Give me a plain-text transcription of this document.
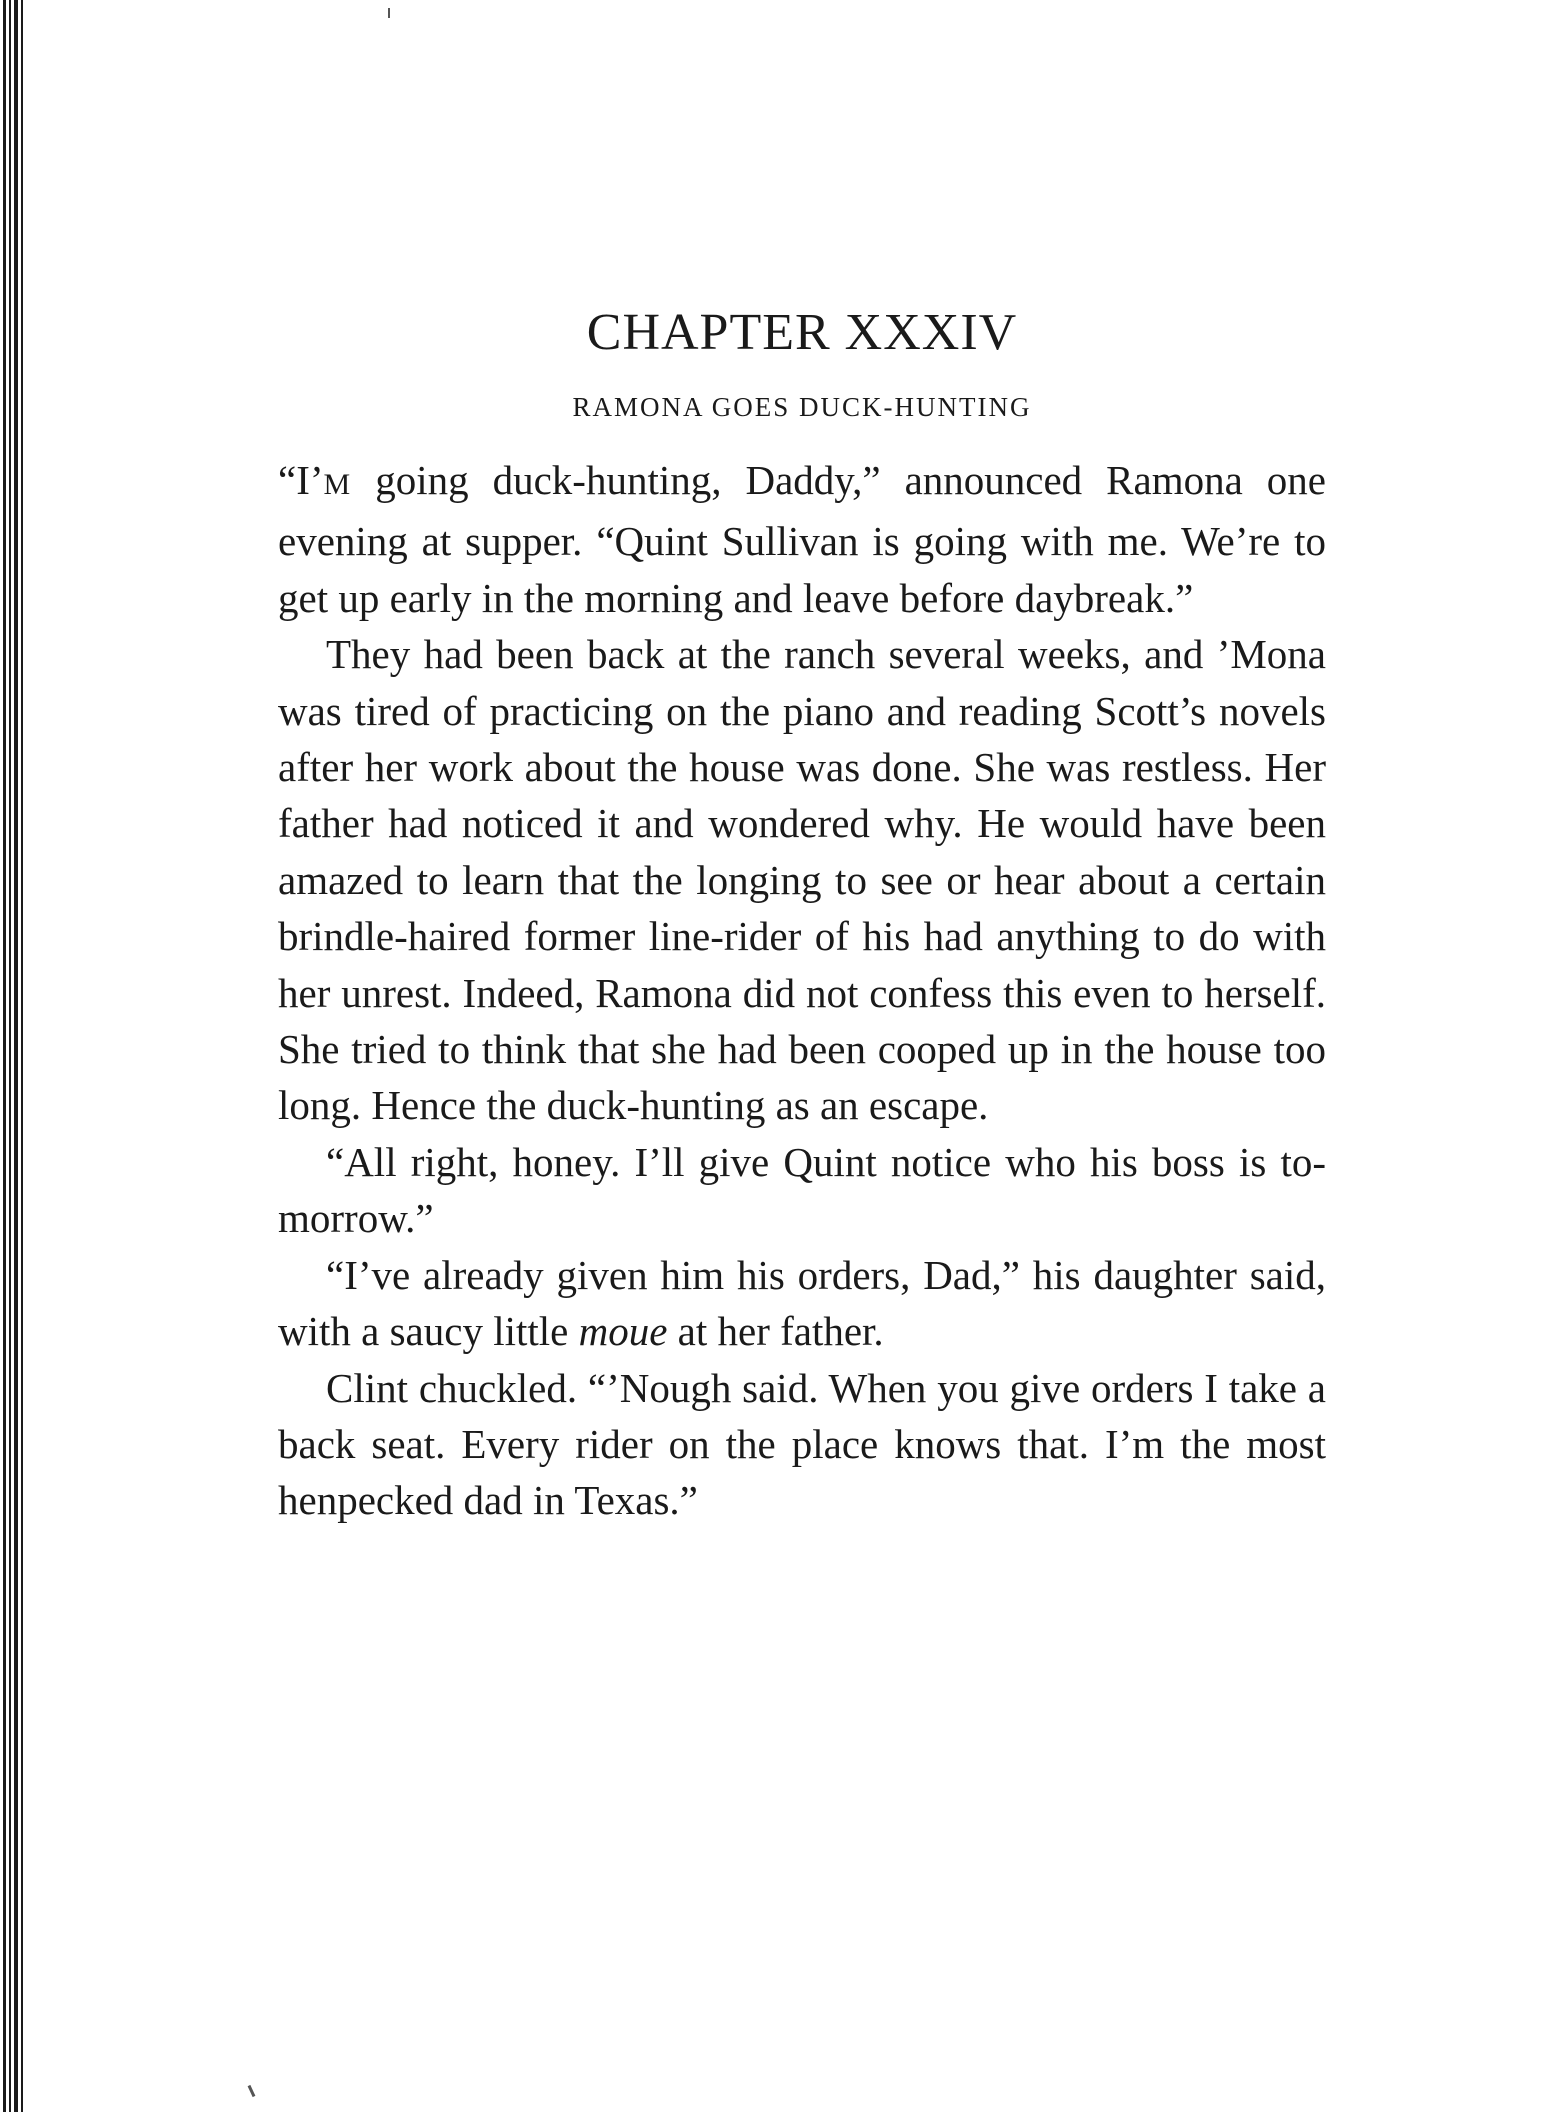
CHAPTER XXXIV
RAMONA GOES DUCK-HUNTING

“I’M going duck-hunting, Daddy,” announced Ramona one evening at supper. “Quint Sullivan is going with me. We’re to get up early in the morning and leave before daybreak.”

They had been back at the ranch several weeks, and ’Mona was tired of practicing on the piano and reading Scott’s novels after her work about the house was done. She was restless. Her father had noticed it and wondered why. He would have been amazed to learn that the longing to see or hear about a certain brindle-haired former line-rider of his had anything to do with her unrest. Indeed, Ramona did not confess this even to herself. She tried to think that she had been cooped up in the house too long. Hence the duck-hunting as an escape.

“All right, honey. I’ll give Quint notice who his boss is to-morrow.”

“I’ve already given him his orders, Dad,” his daughter said, with a saucy little moue at her father.

Clint chuckled. “’Nough said. When you give orders I take a back seat. Every rider on the place knows that. I’m the most henpecked dad in Texas.”
